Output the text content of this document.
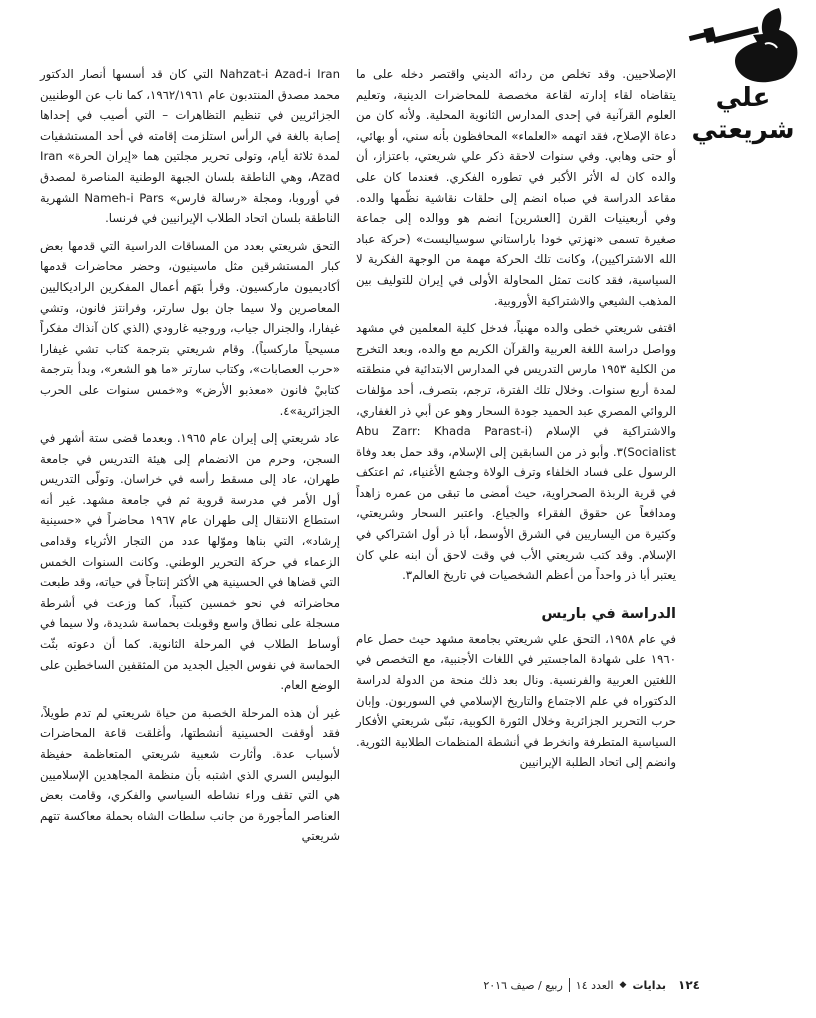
علي شريعتي

الإصلاحيين. وقد تخلص من ردائه الديني واقتصر دخله على ما يتقاضاه لقاء إدارته لقاعة مخصصة للمحاضرات الدينية، وتعليم العلوم القرآنية في إحدى المدارس الثانوية المحلية. ولأنه كان من دعاة الإصلاح، فقد اتهمه «العلماء» المحافظون بأنه سني، أو بهائي، أو حتى وهابي. وفي سنوات لاحقة ذكر علي شريعتي، باعتزاز، أن والده كان له الأثر الأكبر في تطوره الفكري. فعندما كان على مقاعد الدراسة في صباه انضم إلى حلقات نقاشية نظّمها والده. وفي أربعينيات القرن [العشرين] انضم هو ووالده إلى جماعة صغيرة تسمى «نهزتي خودا باراستاني سوسياليست» (حركة عباد الله الاشتراكيين)، وكانت تلك الحركة مهمة من الوجهة الفكرية لا السياسية، فقد كانت تمثل المحاولة الأولى في إيران للتوليف بين المذهب الشيعي والاشتراكية الأوروبية.

اقتفى شريعتي خطى والده مهنياً، فدخل كلية المعلمين في مشهد وواصل دراسة اللغة العربية والقرآن الكريم مع والده، وبعد التخرج من الكلية ١٩٥٣ مارس التدريس في المدارس الابتدائية في منطقته لمدة أربع سنوات. وخلال تلك الفترة، ترجم، بتصرف، أحد مؤلفات الروائي المصري عبد الحميد جودة السحار وهو عن أبي ذر الغفاري، والاشتراكية في الإسلام (Abu Zarr: Khada Parast-i Socialist)٣. وأبو ذر من السابقين إلى الإسلام، وقد حمل بعد وفاة الرسول على فساد الخلفاء وترف الولاة وجشع الأغنياء، ثم اعتكف في قرية الربذة الصحراوية، حيث أمضى ما تبقى من عمره زاهداً ومدافعاً عن حقوق الفقراء والجياع. واعتبر السحار وشريعتي، وكثيرة من اليساريين في الشرق الأوسط، أبا ذر أول اشتراكي في الإسلام. وقد كتب شريعتي الأب في وقت لاحق أن ابنه علي كان يعتبر أبا ذر واحداً من أعظم الشخصيات في تاريخ العالم٣.

الدراسة في باريس

في عام ١٩٥٨، التحق علي شريعتي بجامعة مشهد حيث حصل عام ١٩٦٠ على شهادة الماجستير في اللغات الأجنبية، مع التخصص في اللغتين العربية والفرنسية. ونال بعد ذلك منحة من الدولة لدراسة الدكتوراه في علم الاجتماع والتاريخ الإسلامي في السوربون. وإبان حرب التحرير الجزائرية وخلال الثورة الكوبية، تبنّى شريعتي الأفكار السياسية المتطرفة وانخرط في أنشطة المنظمات الطلابية الثورية. وانضم إلى اتحاد الطلبة الإيرانيين

Nahzat-i Azad-i Iran التي كان قد أسسها أنصار الدكتور محمد مصدق المنتدبون عام ١٩٦٢/١٩٦١، كما ناب عن الوطنيين الجزائريين في تنظيم التظاهرات – التي أصيب في إحداها إصابة بالغة في الرأس استلزمت إقامته في أحد المستشفيات لمدة ثلاثة أيام، وتولى تحرير مجلتين هما «إيران الحرة» Iran Azad، وهي الناطقة بلسان الجبهة الوطنية المناصرة لمصدق في أوروبا، ومجلة «رسالة فارس» Nameh-i Pars الشهرية الناطقة بلسان اتحاد الطلاب الإيرانيين في فرنسا.

التحق شريعتي بعدد من المساقات الدراسية التي قدمها بعض كبار المستشرقين مثل ماسينيون، وحضر محاضرات قدمها أكاديميون ماركسيون. وقرأ بنَهَم أعمال المفكرين الراديكاليين المعاصرين ولا سيما جان بول سارتر، وفرانتز فانون، وتشي غيفارا، والجنرال جياب، وروجيه غارودي (الذي كان آنذاك مفكراً مسيحياً ماركسياً). وقام شريعتي بترجمة كتاب تشي غيفارا «حرب العصابات»، وكتاب سارتر «ما هو الشعر»، وبدأ بترجمة كتابيْ فانون «معذبو الأرض» و«خمس سنوات على الحرب الجزائرية»٤.

عاد شريعتي إلى إيران عام ١٩٦٥. وبعدما قضى ستة أشهر في السجن، وحرم من الانضمام إلى هيئة التدريس في جامعة طهران، عاد إلى مسقط رأسه في خراسان. وتولّى التدريس أول الأمر في مدرسة قروية ثم في جامعة مشهد. غير أنه استطاع الانتقال إلى طهران عام ١٩٦٧ محاضراً في «حسينية إرشاد»، التي بناها وموّلها عدد من التجار الأثرياء وقدامى الزعماء في حركة التحرير الوطني. وكانت السنوات الخمس التي قضاها في الحسينية هي الأكثر إنتاجاً في حياته، وقد طبعت محاضراته في نحو خمسين كتيباً، كما وزعت في أشرطة مسجلة على نطاق واسع وقوبلت بحماسة شديدة، ولا سيما في أوساط الطلاب في المرحلة الثانوية. كما أن دعوته بثّت الحماسة في نفوس الجيل الجديد من المثقفين الساخطين على الوضع العام.

غير أن هذه المرحلة الخصبة من حياة شريعتي لم تدم طويلاً، فقد أوقفت الحسينية أنشطتها، وأغلقت قاعة المحاضرات لأسباب عدة. وأثارت شعبية شريعتي المتعاظمة حفيظة البوليس السري الذي اشتبه بأن منظمة المجاهدين الإسلاميين هي التي تقف وراء نشاطه السياسي والفكري، وقامت بعض العناصر المأجورة من جانب سلطات الشاه بحملة معاكسة تتهم شريعتي

١٢٤
بدايات
◆
العدد ١٤
ربيع / صيف ٢٠١٦
